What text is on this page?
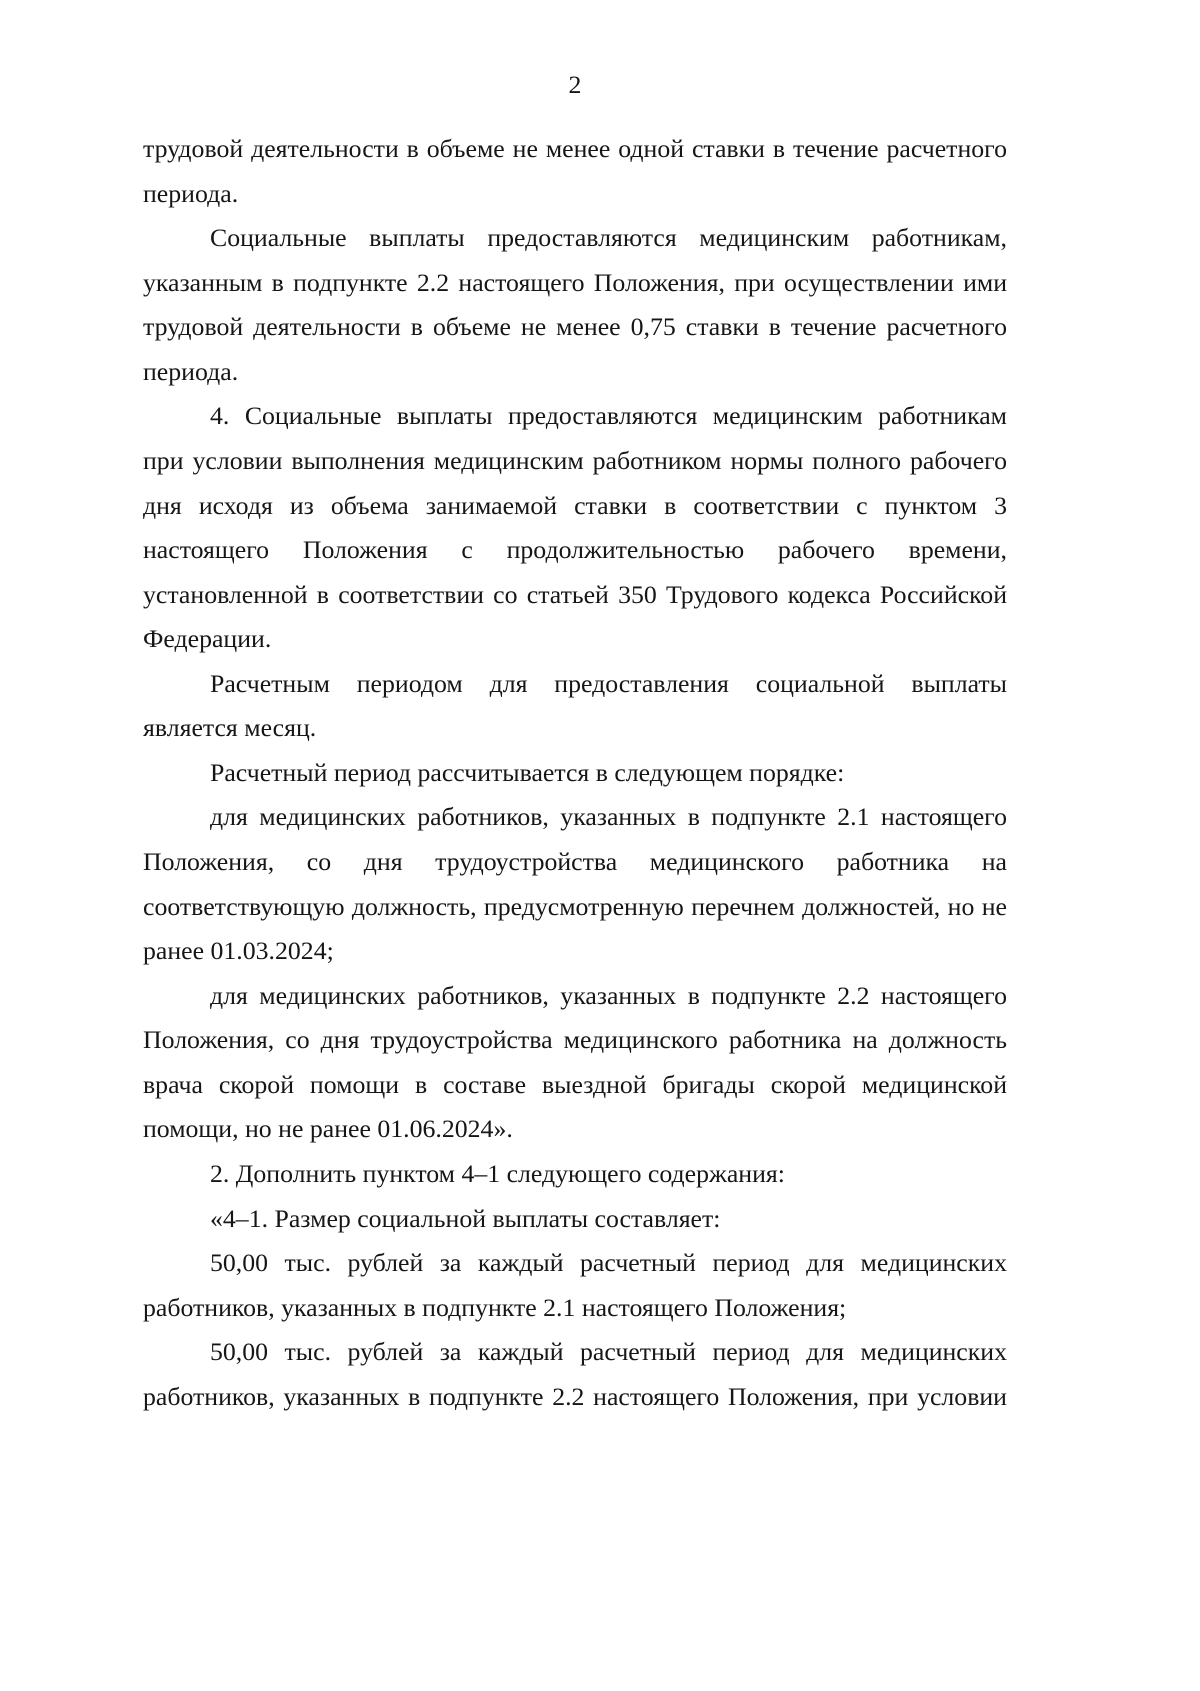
2
трудовой деятельности в объеме не менее одной ставки в течение расчетного
периода.
Социальные выплаты предоставляются медицинским работникам,
указанным в подпункте 2.2 настоящего Положения, при осуществлении ими
трудовой деятельности в объеме не менее 0,75 ставки в течение расчетного
периода.
4. Социальные выплаты предоставляются медицинским работникам
при условии выполнения медицинским работником нормы полного рабочего
дня исходя из объема занимаемой ставки в соответствии с пунктом 3
настоящего Положения с продолжительностью рабочего времени,
установленной в соответствии со статьей 350 Трудового кодекса Российской
Федерации.
Расчетным периодом для предоставления социальной выплаты
является месяц.
Расчетный период рассчитывается в следующем порядке:
для медицинских работников, указанных в подпункте 2.1 настоящего
Положения, со дня трудоустройства медицинского работника на
соответствующую должность, предусмотренную перечнем должностей, но не
ранее 01.03.2024;
для медицинских работников, указанных в подпункте 2.2 настоящего
Положения, со дня трудоустройства медицинского работника на должность
врача скорой помощи в составе выездной бригады скорой медицинской
помощи, но не ранее 01.06.2024».
2. Дополнить пунктом 4–1 следующего содержания:
«4–1. Размер социальной выплаты составляет:
50,00 тыс. рублей за каждый расчетный период для медицинских
работников, указанных в подпункте 2.1 настоящего Положения;
50,00 тыс. рублей за каждый расчетный период для медицинских
работников, указанных в подпункте 2.2 настоящего Положения, при условии
